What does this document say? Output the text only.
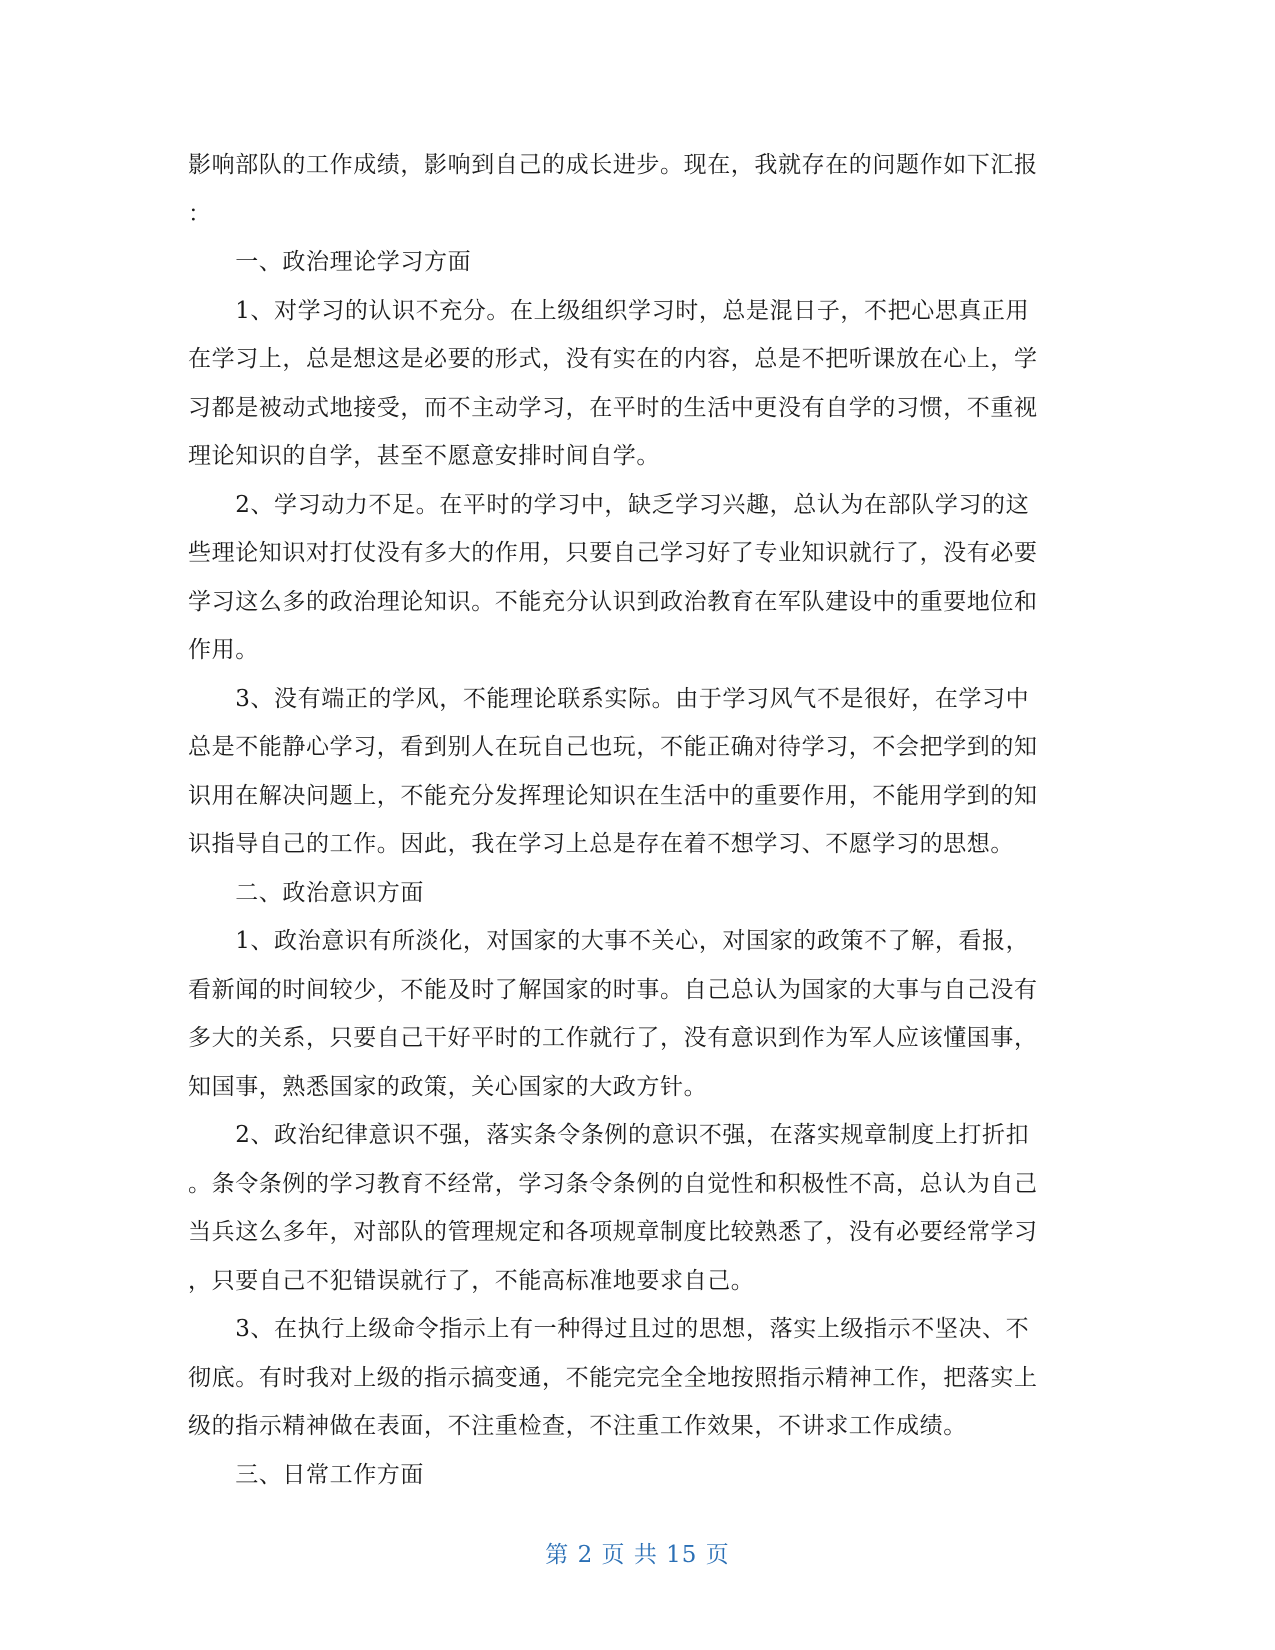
影响部队的工作成绩，影响到自己的成长进步。现在，我就存在的问题作如下汇报
：
　　一、政治理论学习方面
　　1、对学习的认识不充分。在上级组织学习时，总是混日子，不把心思真正用
在学习上，总是想这是必要的形式，没有实在的内容，总是不把听课放在心上，学
习都是被动式地接受，而不主动学习，在平时的生活中更没有自学的习惯，不重视
理论知识的自学，甚至不愿意安排时间自学。
　　2、学习动力不足。在平时的学习中，缺乏学习兴趣，总认为在部队学习的这
些理论知识对打仗没有多大的作用，只要自己学习好了专业知识就行了，没有必要
学习这么多的政治理论知识。不能充分认识到政治教育在军队建设中的重要地位和
作用。
　　3、没有端正的学风，不能理论联系实际。由于学习风气不是很好，在学习中
总是不能静心学习，看到别人在玩自己也玩，不能正确对待学习，不会把学到的知
识用在解决问题上，不能充分发挥理论知识在生活中的重要作用，不能用学到的知
识指导自己的工作。因此，我在学习上总是存在着不想学习、不愿学习的思想。
　　二、政治意识方面
　　1、政治意识有所淡化，对国家的大事不关心，对国家的政策不了解，看报，
看新闻的时间较少，不能及时了解国家的时事。自己总认为国家的大事与自己没有
多大的关系，只要自己干好平时的工作就行了，没有意识到作为军人应该懂国事，
知国事，熟悉国家的政策，关心国家的大政方针。
　　2、政治纪律意识不强，落实条令条例的意识不强，在落实规章制度上打折扣
。条令条例的学习教育不经常，学习条令条例的自觉性和积极性不高，总认为自己
当兵这么多年，对部队的管理规定和各项规章制度比较熟悉了，没有必要经常学习
，只要自己不犯错误就行了，不能高标准地要求自己。
　　3、在执行上级命令指示上有一种得过且过的思想，落实上级指示不坚决、不
彻底。有时我对上级的指示搞变通，不能完完全全地按照指示精神工作，把落实上
级的指示精神做在表面，不注重检查，不注重工作效果，不讲求工作成绩。
　　三、日常工作方面
第 2 页 共 15 页
